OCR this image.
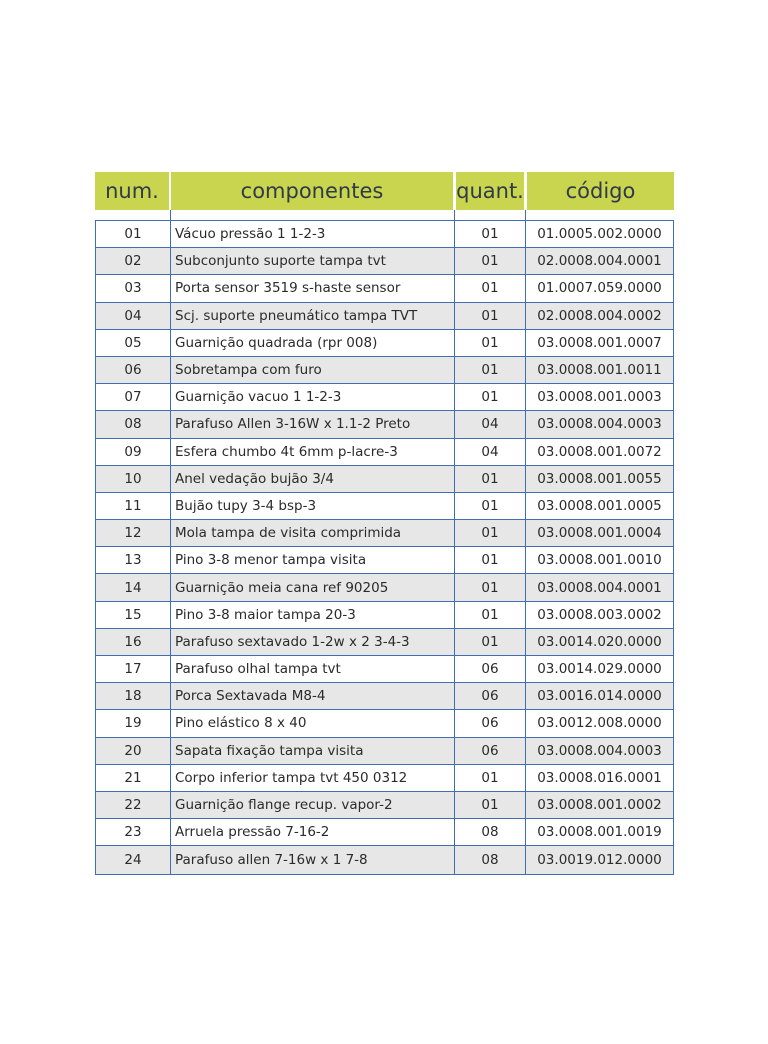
num.	componentes	quant.	código
01	Vácuo pressão 1 1-2-3	01	01.0005.002.0000
02	Subconjunto suporte tampa tvt	01	02.0008.004.0001
03	Porta sensor 3519 s-haste sensor	01	01.0007.059.0000
04	Scj. suporte pneumático tampa TVT	01	02.0008.004.0002
05	Guarnição quadrada (rpr 008)	01	03.0008.001.0007
06	Sobretampa com furo	01	03.0008.001.0011
07	Guarnição vacuo 1 1-2-3	01	03.0008.001.0003
08	Parafuso Allen 3-16W x 1.1-2 Preto	04	03.0008.004.0003
09	Esfera chumbo 4t 6mm p-lacre-3	04	03.0008.001.0072
10	Anel vedação bujão 3/4	01	03.0008.001.0055
11	Bujão tupy 3-4 bsp-3	01	03.0008.001.0005
12	Mola tampa de visita comprimida	01	03.0008.001.0004
13	Pino 3-8 menor tampa visita	01	03.0008.001.0010
14	Guarnição meia cana ref 90205	01	03.0008.004.0001
15	Pino 3-8 maior tampa 20-3	01	03.0008.003.0002
16	Parafuso sextavado 1-2w x 2 3-4-3	01	03.0014.020.0000
17	Parafuso olhal tampa tvt	06	03.0014.029.0000
18	Porca Sextavada M8-4	06	03.0016.014.0000
19	Pino elástico 8 x 40	06	03.0012.008.0000
20	Sapata fixação tampa visita	06	03.0008.004.0003
21	Corpo inferior tampa tvt 450 0312	01	03.0008.016.0001
22	Guarnição flange recup. vapor-2	01	03.0008.001.0002
23	Arruela pressão 7-16-2	08	03.0008.001.0019
24	Parafuso allen 7-16w x 1 7-8	08	03.0019.012.0000
